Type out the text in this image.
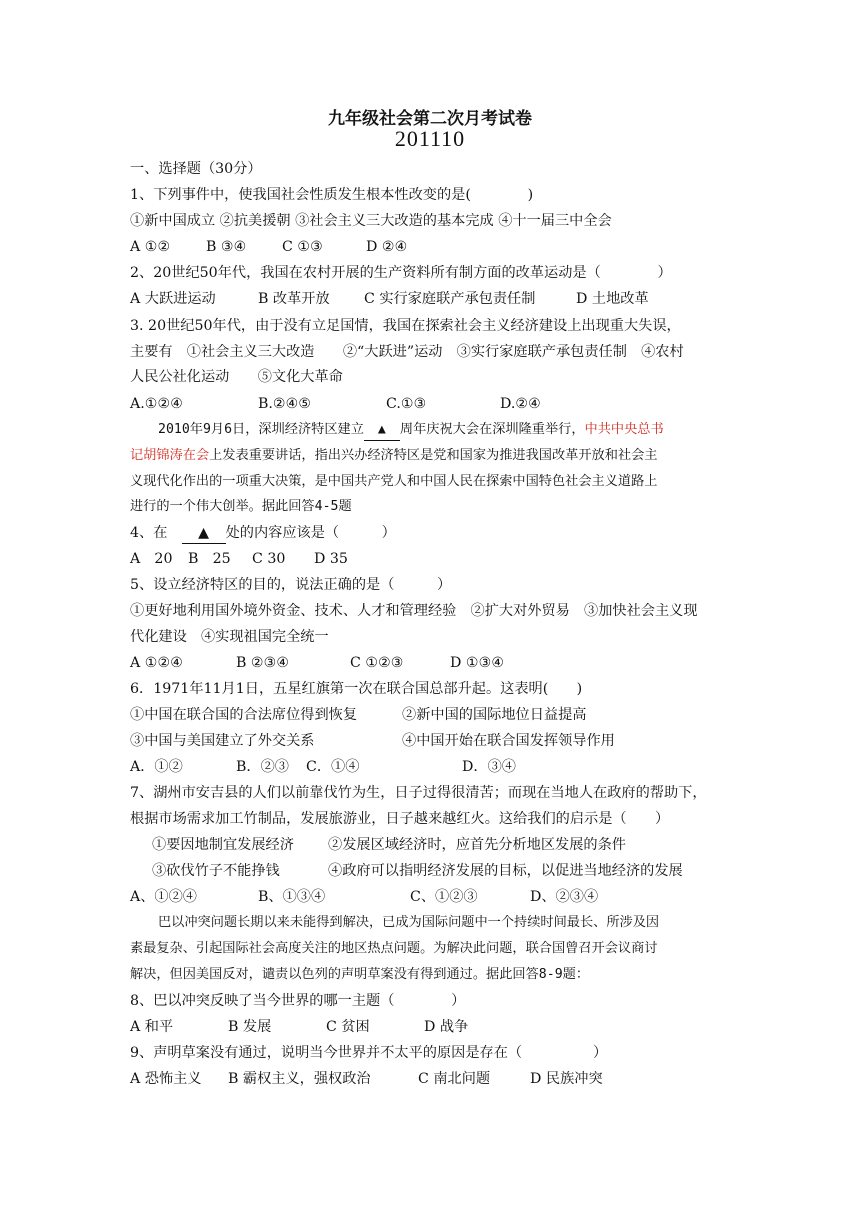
九年级社会第二次月考试卷
201110
一、选择题（30分）
1、下列事件中，使我国社会性质发生根本性改变的是(　　　　)
①新中国成立 ②抗美援朝 ③社会主义三大改造的基本完成 ④十一届三中全会
A ①②	B ③④	C ①③	D ②④
2、20世纪50年代，我国在农村开展的生产资料所有制方面的改革运动是（　　　　）
A 大跃进运动	B 改革开放 C 实行家庭联产承包责任制	D 土地改革
3. 20世纪50年代，由于没有立足国情，我国在探索社会主义经济建设上出现重大失误，
主要有　①社会主义三大改造　　②“大跃进”运动　③实行家庭联产承包责任制　④农村
人民公社化运动　　⑤文化大革命
A.①②④	B.②④⑤	C.①③	D.②④
2010年9月6日，深圳经济特区建立 ▲ 周年庆祝大会在深圳隆重举行，中共中央总书
记胡锦涛在会上发表重要讲话，指出兴办经济特区是党和国家为推进我国改革开放和社会主
义现代化作出的一项重大决策，是中国共产党人和中国人民在探索中国特色社会主义道路上
进行的一个伟大创举。据此回答4-5题
4、在　▲ 处的内容应该是（　　　）
A　20 B　25 C 30 D 35
5、设立经济特区的目的，说法正确的是（　　　）
①更好地利用国外境外资金、技术、人才和管理经验　②扩大对外贸易　③加快社会主义现
代化建设　④实现祖国完全统一
A ①②④	B ②③④	C ①②③	D ①③④
6．1971年11月1日，五星红旗第一次在联合国总部升起。这表明(　　)
①中国在联合国的合法席位得到恢复	②新中国的国际地位日益提高
③中国与美国建立了外交关系	④中国开始在联合国发挥领导作用
A．①②	B．②③ C．①④	D．③④
7、湖州市安吉县的人们以前靠伐竹为生，日子过得很清苦；而现在当地人在政府的帮助下，
根据市场需求加工竹制品，发展旅游业，日子越来越红火。这给我们的启示是（　　）
①要因地制宜发展经济 ②发展区域经济时，应首先分析地区发展的条件
③砍伐竹子不能挣钱	④政府可以指明经济发展的目标，以促进当地经济的发展
A、①②④	B、①③④	C、①②③	D、②③④
巴以冲突问题长期以来未能得到解决，已成为国际问题中一个持续时间最长、所涉及因
素最复杂、引起国际社会高度关注的地区热点问题。为解决此问题，联合国曾召开会议商讨
解决，但因美国反对，谴责以色列的声明草案没有得到通过。据此回答8-9题：
8、巴以冲突反映了当今世界的哪一主题（　　　　）
A 和平	B 发展	C 贫困	D 战争
9、声明草案没有通过，说明当今世界并不太平的原因是存在（　　　　　）
A 恐怖主义 B 霸权主义，强权政治	C 南北问题	D 民族冲突
